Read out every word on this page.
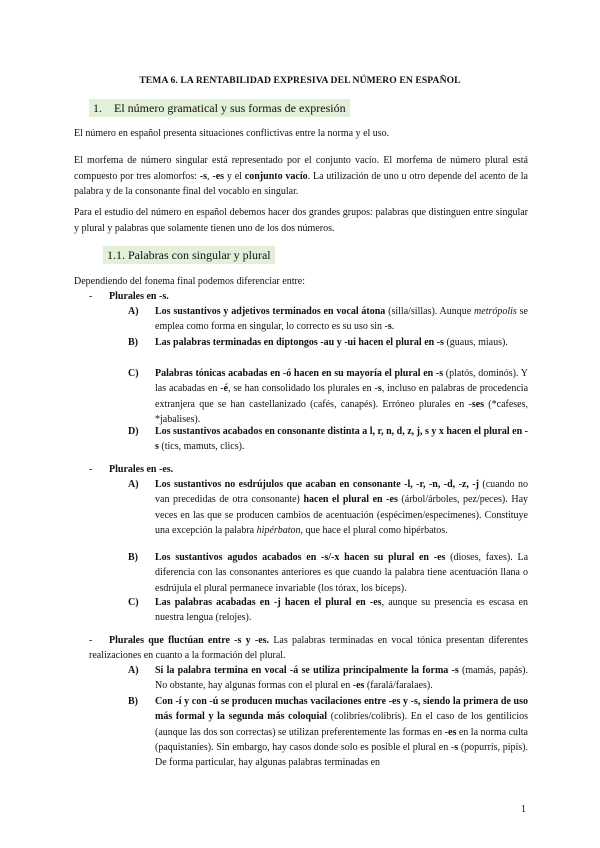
TEMA 6. LA RENTABILIDAD EXPRESIVA DEL NÚMERO EN ESPAÑOL
1. El número gramatical y sus formas de expresión

El número en español presenta situaciones conflictivas entre la norma y el uso.

El morfema de número singular está representado por el conjunto vacío. El morfema de número plural está compuesto por tres alomorfos: -s, -es y el conjunto vacío. La utilización de uno u otro depende del acento de la palabra y de la consonante final del vocablo en singular.

Para el estudio del número en español debemos hacer dos grandes grupos: palabras que distinguen entre singular y plural y palabras que solamente tienen uno de los dos números.

1.1. Palabras con singular y plural

Dependiendo del fonema final podemos diferenciar entre:

- Plurales en -s.

A)	Los sustantivos y adjetivos terminados en vocal átona (silla/sillas). Aunque metrópolis se emplea como forma en singular, lo correcto es su uso sin -s.

B)	Las palabras terminadas en diptongos -au y -ui hacen el plural en -s (guaus, miaus).

C)	Palabras tónicas acabadas en -ó hacen en su mayoría el plural en -s (platós, dominós). Y las acabadas en -é, se han consolidado los plurales en -s, incluso en palabras de procedencia extranjera que se han castellanizado (cafés, canapés). Erróneo plurales en -ses (*cafeses, *jabalises).

D)	Los sustantivos acabados en consonante distinta a l, r, n, d, z, j, s y x hacen el plural en -s (tics, mamuts, clics).

- Plurales en -es.

A)	Los sustantivos no esdrújulos que acaban en consonante -l, -r, -n, -d, -z, -j (cuando no van precedidas de otra consonante) hacen el plural en -es (árbol/árboles, pez/peces). Hay veces en las que se producen cambios de acentuación (espécimen/especímenes). Constituye una excepción la palabra hipérbaton, que hace el plural como hipérbatos.

B)	Los sustantivos agudos acabados en -s/-x hacen su plural en -es (dioses, faxes). La diferencia con las consonantes anteriores es que cuando la palabra tiene acentuación llana o esdrújula el plural permanece invariable (los tórax, los bíceps).

C)	Las palabras acabadas en -j hacen el plural en -es, aunque su presencia es escasa en nuestra lengua (relojes).

- Plurales que fluctúan entre -s y -es. Las palabras terminadas en vocal tónica presentan diferentes realizaciones en cuanto a la formación del plural.

A)	Si la palabra termina en vocal -á se utiliza principalmente la forma -s (mamás, papás). No obstante, hay algunas formas con el plural en -es (faralá/faralaes).

B)	Con -í y con -ú se producen muchas vacilaciones entre -es y -s, siendo la primera de uso más formal y la segunda más coloquial (colibríes/colibrís). En el caso de los gentilicios (aunque las dos son correctas) se utilizan preferentemente las formas en -es en la norma culta (paquistaníes). Sin embargo, hay casos donde solo es posible el plural en -s (popurrís, pipís). De forma particular, hay algunas palabras terminadas en

1
